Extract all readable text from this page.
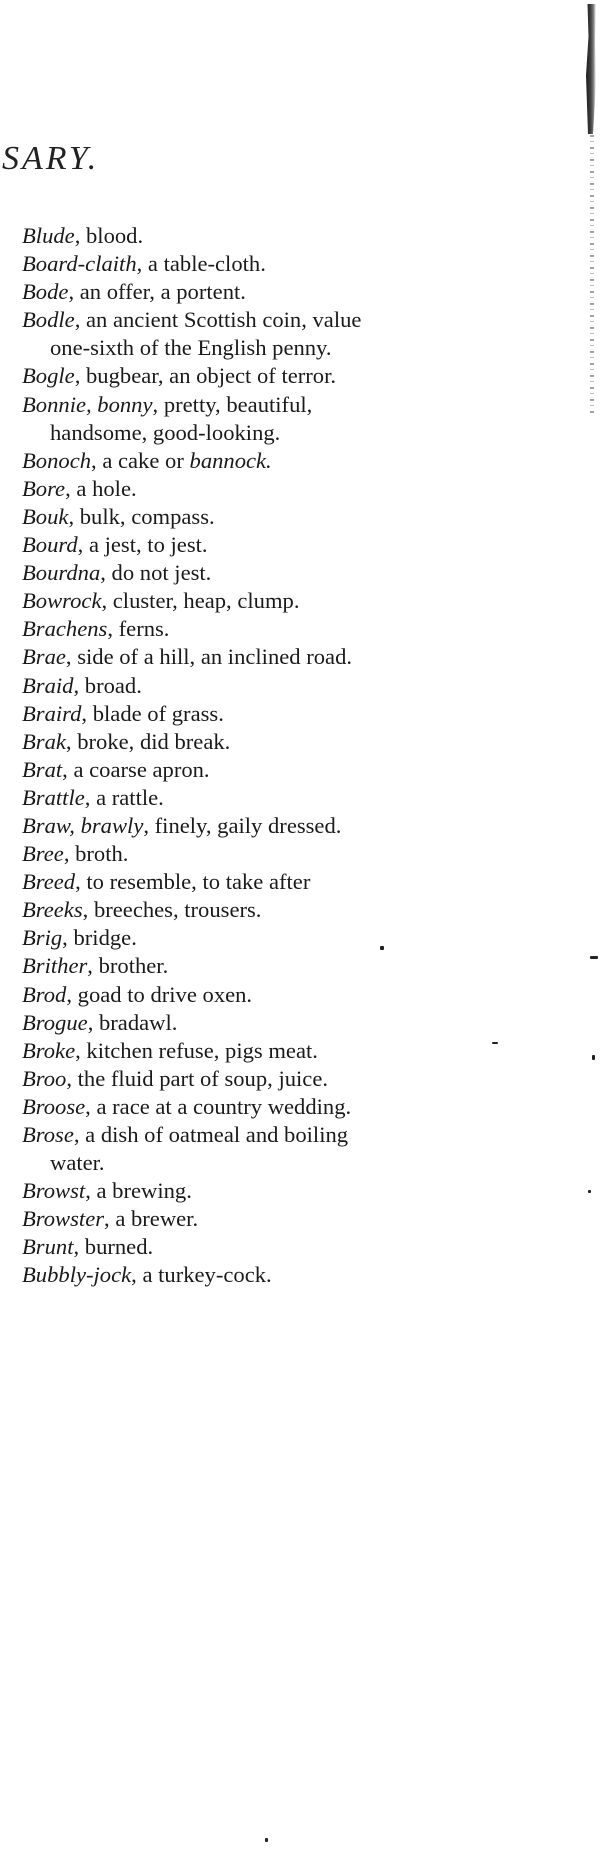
SARY.

Blude, blood.

Board-claith, a table-cloth.

Bode, an offer, a portent.

Bodle, an ancient Scottish coin, value one-sixth of the English penny.

Bogle, bugbear, an object of terror.

Bonnie, bonny, pretty, beautiful, handsome, good-looking.

Bonoch, a cake or bannock.

Bore, a hole.

Bouk, bulk, compass.

Bourd, a jest, to jest.

Bourdna, do not jest.

Bowrock, cluster, heap, clump.

Brachens, ferns.

Brae, side of a hill, an inclined road.

Braid, broad.

Braird, blade of grass.

Brak, broke, did break.

Brat, a coarse apron.

Brattle, a rattle.

Braw, brawly, finely, gaily dressed.

Bree, broth.

Breed, to resemble, to take after

Breeks, breeches, trousers.

Brig, bridge.

Brither, brother.

Brod, goad to drive oxen.

Brogue, bradawl.

Broke, kitchen refuse, pigs meat.

Broo, the fluid part of soup, juice.

Broose, a race at a country wedding.

Brose, a dish of oatmeal and boiling water.

Browst, a brewing.

Browster, a brewer.

Brunt, burned.

Bubbly-jock, a turkey-cock.
